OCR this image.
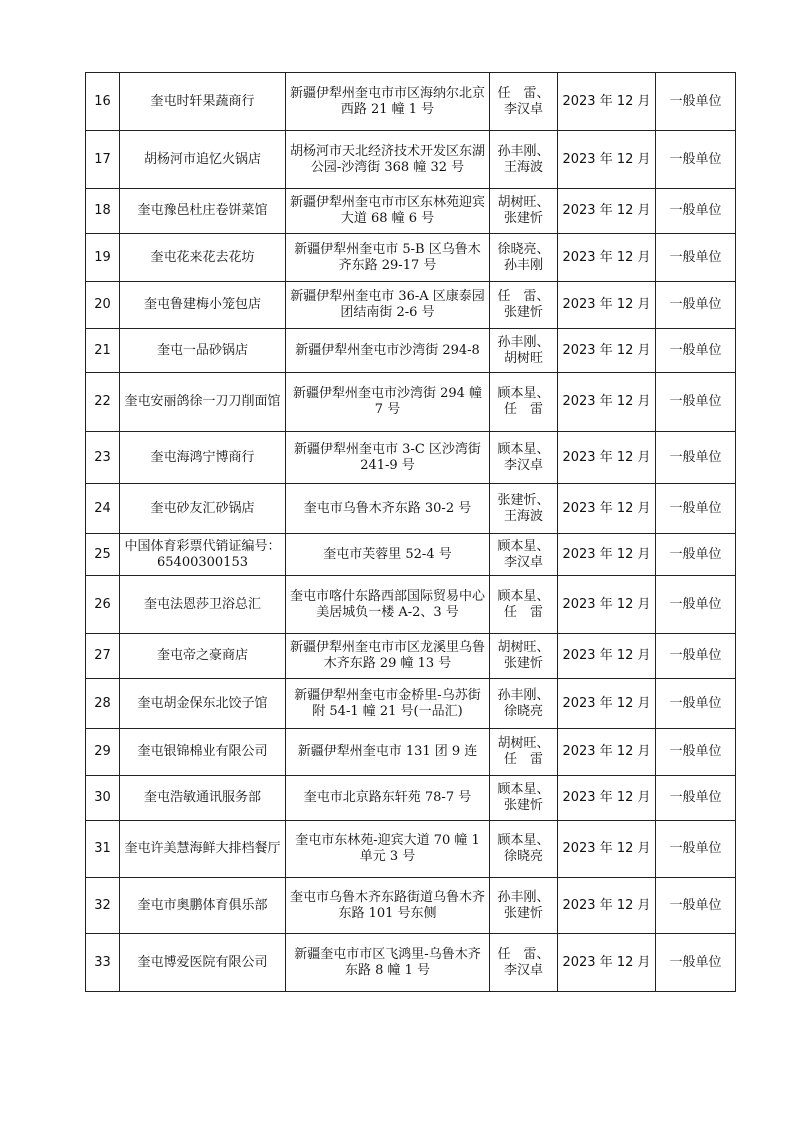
16	奎屯时轩果蔬商行	新疆伊犁州奎屯市市区海纳尔北京西路 21 幢 1 号	任　雷、李汉卓	2023 年 12 月	一般单位
17	胡杨河市追忆火锅店	胡杨河市天北经济技术开发区东湖公园-沙湾街 368 幢 32 号	孙丰刚、王海波	2023 年 12 月	一般单位
18	奎屯豫邑杜庄卷饼菜馆	新疆伊犁州奎屯市市区东林苑迎宾大道 68 幢 6 号	胡树旺、张建忻	2023 年 12 月	一般单位
19	奎屯花来花去花坊	新疆伊犁州奎屯市 5-B 区乌鲁木齐东路 29-17 号	徐晓亮、孙丰刚	2023 年 12 月	一般单位
20	奎屯鲁建梅小笼包店	新疆伊犁州奎屯市 36-A 区康泰园团结南街 2-6 号	任　雷、张建忻	2023 年 12 月	一般单位
21	奎屯一品砂锅店	新疆伊犁州奎屯市沙湾街 294-8	孙丰刚、胡树旺	2023 年 12 月	一般单位
22	奎屯安丽鸽徐一刀刀削面馆	新疆伊犁州奎屯市沙湾街 294 幢 7 号	顾本星、任　雷	2023 年 12 月	一般单位
23	奎屯海鸿宁博商行	新疆伊犁州奎屯市 3-C 区沙湾街 241-9 号	顾本星、李汉卓	2023 年 12 月	一般单位
24	奎屯砂友汇砂锅店	奎屯市乌鲁木齐东路 30-2 号	张建忻、王海波	2023 年 12 月	一般单位
25	中国体育彩票代销证编号：65400300153	奎屯市芙蓉里 52-4 号	顾本星、李汉卓	2023 年 12 月	一般单位
26	奎屯法恩莎卫浴总汇	奎屯市喀什东路西部国际贸易中心美居城负一楼 A-2、3 号	顾本星、任　雷	2023 年 12 月	一般单位
27	奎屯帝之豪商店	新疆伊犁州奎屯市市区龙溪里乌鲁木齐东路 29 幢 13 号	胡树旺、张建忻	2023 年 12 月	一般单位
28	奎屯胡金保东北饺子馆	新疆伊犁州奎屯市金桥里-乌苏街附 54-1 幢 21 号(一品汇)	孙丰刚、徐晓亮	2023 年 12 月	一般单位
29	奎屯银锦棉业有限公司	新疆伊犁州奎屯市 131 团 9 连	胡树旺、任　雷	2023 年 12 月	一般单位
30	奎屯浩敏通讯服务部	奎屯市北京路东轩苑 78-7 号	顾本星、张建忻	2023 年 12 月	一般单位
31	奎屯许美慧海鲜大排档餐厅	奎屯市东林苑-迎宾大道 70 幢 1 单元 3 号	顾本星、徐晓亮	2023 年 12 月	一般单位
32	奎屯市奥鹏体育俱乐部	奎屯市乌鲁木齐东路街道乌鲁木齐东路 101 号东侧	孙丰刚、张建忻	2023 年 12 月	一般单位
33	奎屯博爱医院有限公司	新疆奎屯市市区飞鸿里-乌鲁木齐东路 8 幢 1 号	任　雷、李汉卓	2023 年 12 月	一般单位
